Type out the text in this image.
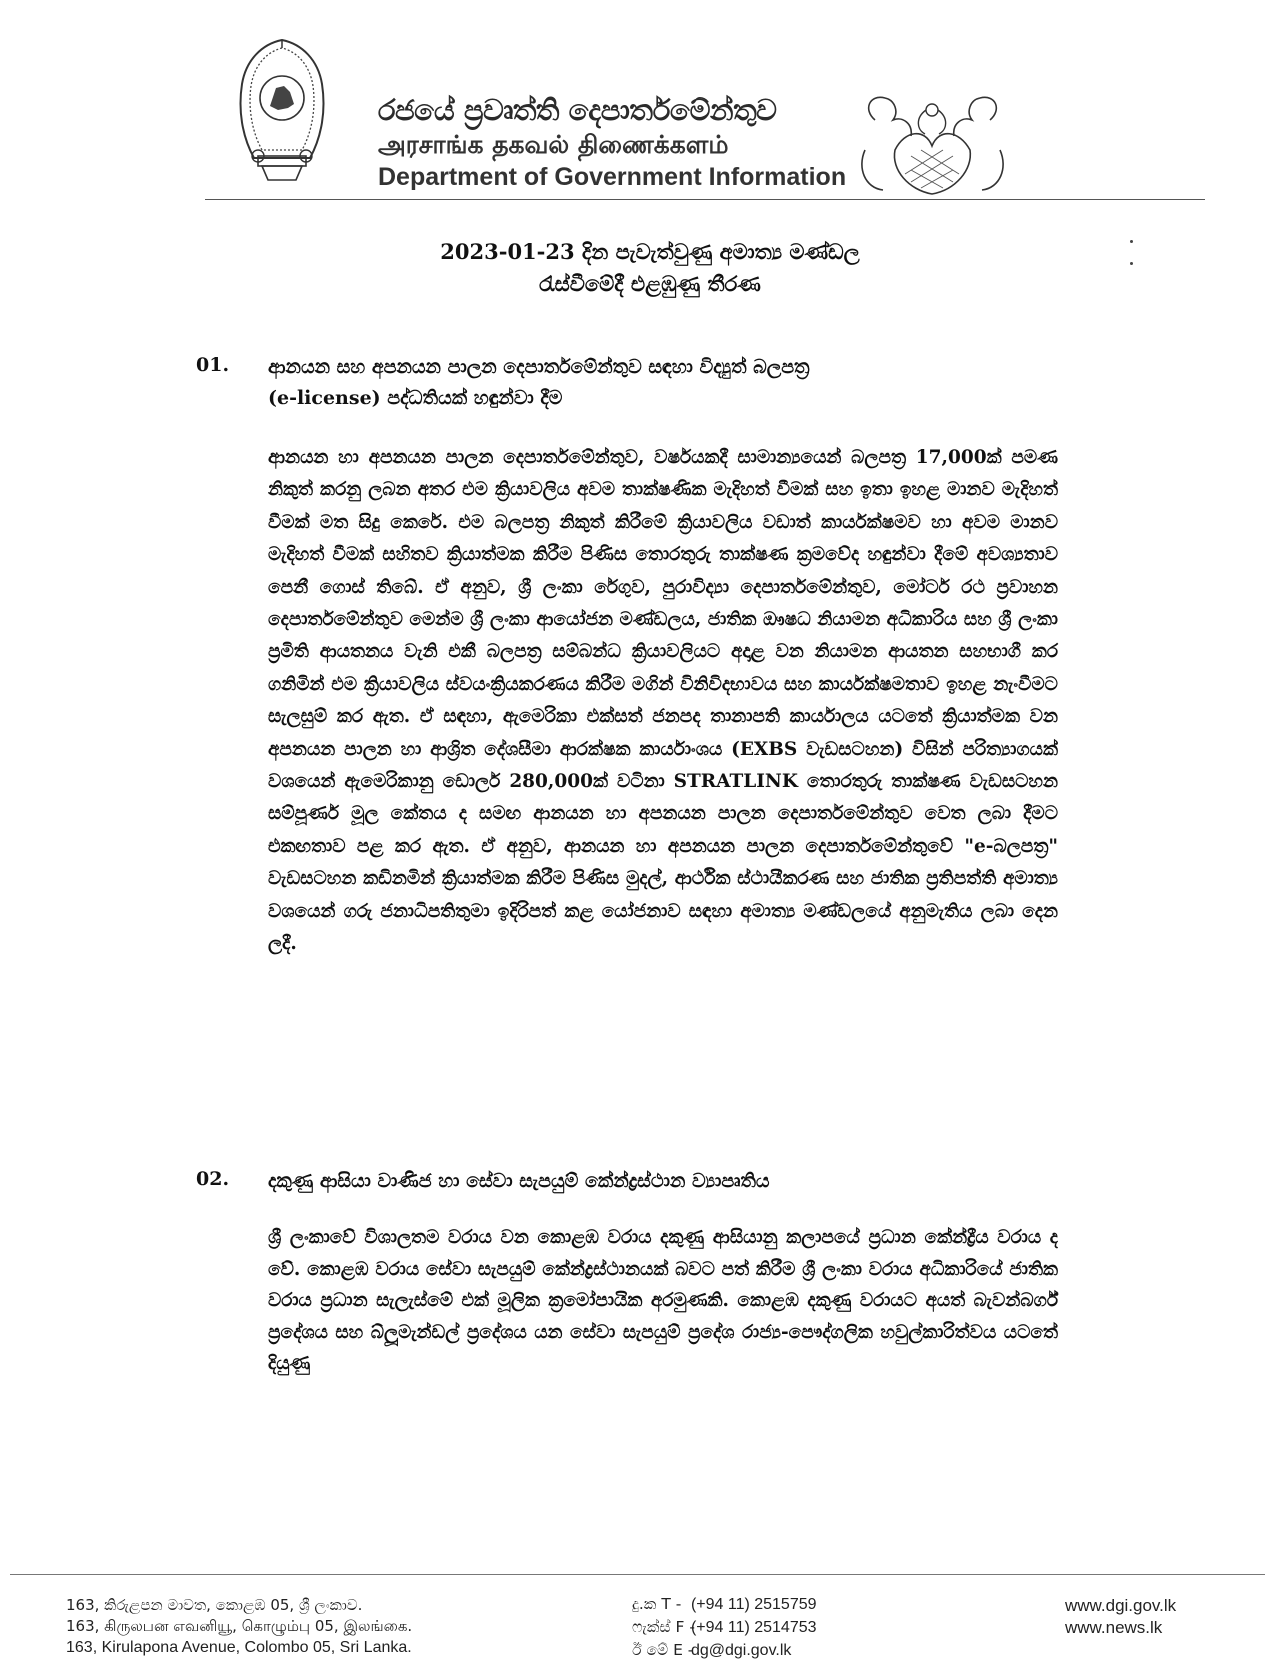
රජයේ ප්‍රවෘත්ති දෙපාර්තමේන්තුව
அரசாங்க தகவல் திணைக்களம்
Department of Government Information
2023-01-23 දින පැවැත්වුණු අමාත්‍ය මණ්ඩල
රැස්වීමේදී එළඹුණු තීරණ
01. ආනයන සහ අපනයන පාලන දෙපාර්තමේන්තුව සඳහා විද්‍යුත් බලපත්‍ර
(e-license) පද්ධතියක් හඳුන්වා දීම

ආනයන හා අපනයන පාලන දෙපාර්තමේන්තුව, වර්ෂයකදී සාමාන්‍යයෙන් බලපත්‍ර 17,000ක් පමණ නිකුත් කරනු ලබන අතර එම ක්‍රියාවලිය අවම තාක්ෂණික මැදිහත් වීමක් සහ ඉතා ඉහළ මානව මැදිහත් වීමක් මත සිදු කෙරේ. එම බලපත්‍ර නිකුත් කිරීමේ ක්‍රියාවලිය වඩාත් කාර්යක්ෂමව හා අවම මානව මැදිහත් වීමක් සහිතව ක්‍රියාත්මක කිරීම පිණිස තොරතුරු තාක්ෂණ ක්‍රමවේද හඳුන්වා දීමේ අවශ්‍යතාව පෙනී ගොස් තිබේ. ඒ අනුව, ශ්‍රී ලංකා රේගුව, පුරාවිද්‍යා දෙපාර්තමේන්තුව, මෝටර් රථ ප්‍රවාහන දෙපාර්තමේන්තුව මෙන්ම ශ්‍රී ලංකා ආයෝජන මණ්ඩලය, ජාතික ඖෂධ නියාමන අධිකාරිය සහ ශ්‍රී ලංකා ප්‍රමිති ආයතනය වැනි එකී බලපත්‍ර සම්බන්ධ ක්‍රියාවලියට අදාළ වන නියාමන ආයතන සහභාගී කර ගනිමින් එම ක්‍රියාවලිය ස්වයංක්‍රියකරණය කිරීම මගින් විනිවිදභාවය සහ කාර්යක්ෂමතාව ඉහළ නැංවීමට සැලසුම් කර ඇත. ඒ සඳහා, ඇමෙරිකා එක්සත් ජනපද තානාපති කාර්යාලය යටතේ ක්‍රියාත්මක වන අපනයන පාලන හා ආශ්‍රිත දේශසීමා ආරක්ෂක කාර්යාංශය (EXBS වැඩසටහන) විසින් පරිත්‍යාගයක් වශයෙන් ඇමෙරිකානු ඩොලර් 280,000ක් වටිනා STRATLINK තොරතුරු තාක්ෂණ වැඩසටහන සම්පූර්ණ මූල කේතය ද සමඟ ආනයන හා අපනයන පාලන දෙපාර්තමේන්තුව වෙත ලබා දීමට එකඟතාව පළ කර ඇත. ඒ අනුව, ආනයන හා අපනයන පාලන දෙපාර්තමේන්තුවේ "e-බලපත්‍ර" වැඩසටහන කඩිනමින් ක්‍රියාත්මක කිරීම පිණිස මුදල්, ආර්ථික ස්ථායීකරණ සහ ජාතික ප්‍රතිපත්ති අමාත්‍ය වශයෙන් ගරු ජනාධිපතිතුමා ඉදිරිපත් කළ යෝජනාව සඳහා අමාත්‍ය මණ්ඩලයේ අනුමැතිය ලබා දෙන ලදී.

02. දකුණු ආසියා වාණිජ හා සේවා සැපයුම් කේන්ද්‍රස්ථාන ව්‍යාපෘතිය

ශ්‍රී ලංකාවේ විශාලතම වරාය වන කොළඹ වරාය දකුණු ආසියානු කලාපයේ ප්‍රධාන කේන්ද්‍රීය වරාය ද වේ. කොළඹ වරාය සේවා සැපයුම් කේන්ද්‍රස්ථානයක් බවට පත් කිරීම ශ්‍රී ලංකා වරාය අධිකාරියේ ජාතික වරාය ප්‍රධාන සැලැස්මේ එක් මූලික ක්‍රමෝපායික අරමුණකි. කොළඹ දකුණු වරායට අයත් බැවන්බර්ග් ප්‍රදේශය සහ බ්ලූමැන්ඩල් ප්‍රදේශය යන සේවා සැපයුම් ප්‍රදේශ රාජ්‍ය-පෞද්ගලික හවුල්කාරිත්වය යටතේ දියුණු

163, කිරුළපන මාවත, කොළඹ 05, ශ්‍රී ලංකාව.
163, கிருலபன எவனியூ, கொழும்பு 05, இலங்கை.
163, Kirulapona Avenue, Colombo 05, Sri Lanka.
දු.ක T - (+94 11) 2515759
ෆැක්ස් F - (+94 11) 2514753
ඊ මේ E - dg@dgi.gov.lk
www.dgi.gov.lk
www.news.lk
